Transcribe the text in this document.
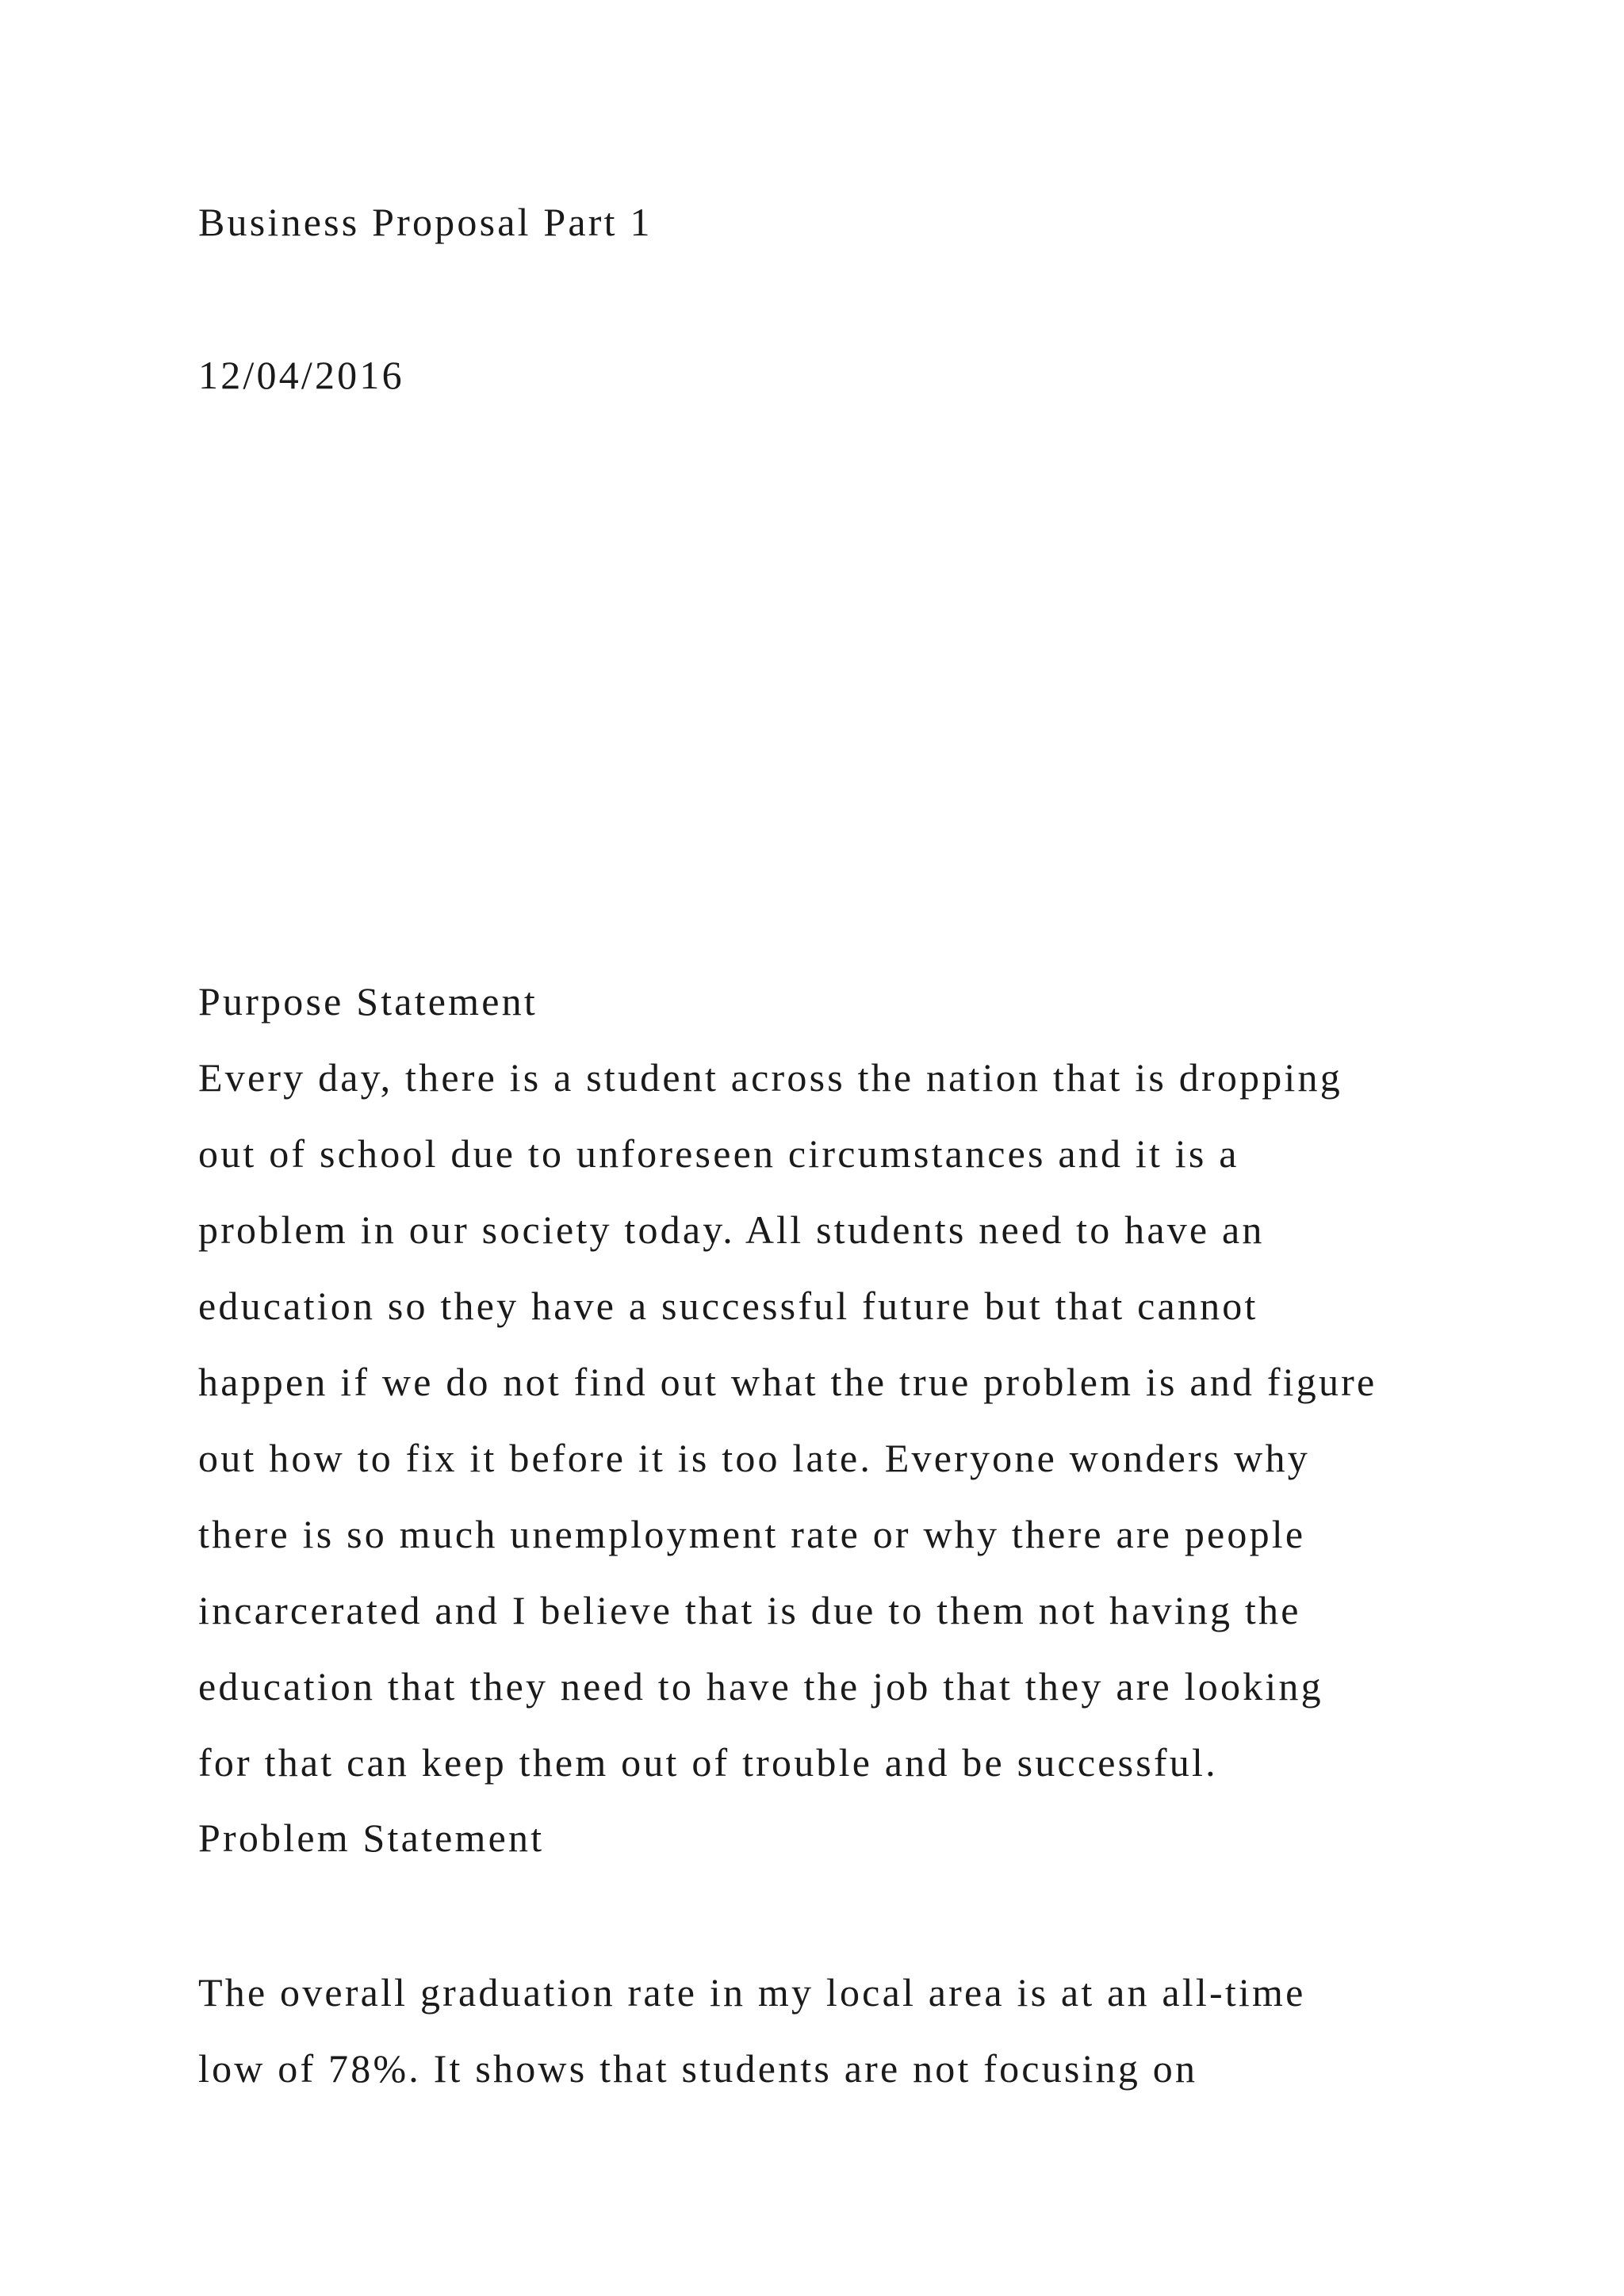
Business Proposal Part 1

12/04/2016

Purpose Statement

Every day, there is a student across the nation that is dropping

out of school due to unforeseen circumstances and it is a

problem in our society today. All students need to have an

education so they have a successful future but that cannot

happen if we do not find out what the true problem is and figure

out how to fix it before it is too late. Everyone wonders why

there is so much unemployment rate or why there are people

incarcerated and I believe that is due to them not having the

education that they need to have the job that they are looking

for that can keep them out of trouble and be successful.

Problem Statement

The overall graduation rate in my local area is at an all-time

low of 78%. It shows that students are not focusing on
